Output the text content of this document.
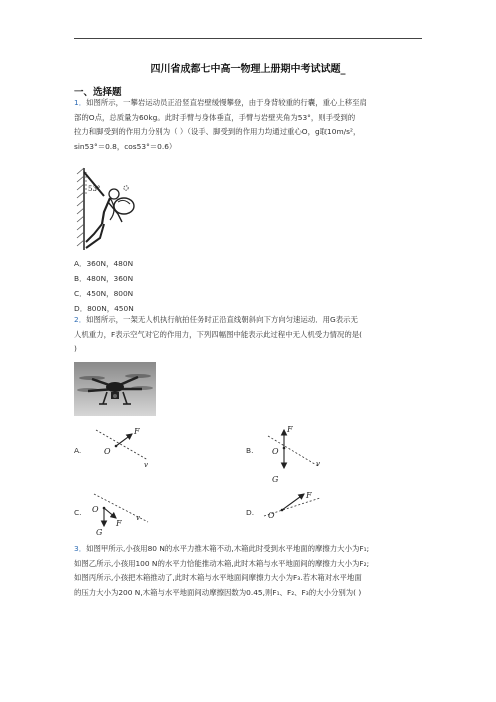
四川省成都七中高一物理上册期中考试试题_
一、选择题
1．如图所示，一攀岩运动员正沿竖直岩壁缓慢攀登，由于身背较重的行囊，重心上移至肩
部的O点，总质量为60kg。此时手臂与身体垂直，手臂与岩壁夹角为53°，则手受到的
拉力和脚受到的作用力分别为（ ）（设手、脚受到的作用力均通过重心O，g取10m/s²，
sin53°＝0.8，cos53°＝0.6）
53°
A．360N，480N
B．480N，360N
C．450N，800N
D．800N，450N
2．如图所示，一架无人机执行航拍任务时正沿直线朝斜向下方向匀速运动．用G表示无
人机重力，F表示空气对它的作用力，下列四幅图中能表示此过程中无人机受力情况的是(
)
A.	O
F
v
B. O
F
G
v
C. O
F
G
v
D. O
F
3．如图甲所示,小孩用80 N的水平力推木箱不动,木箱此时受到水平地面的摩擦力大小为F₁;
如图乙所示,小孩用100 N的水平力恰能推动木箱,此时木箱与水平地面间的摩擦力大小为F₂;
如图丙所示,小孩把木箱推动了,此时木箱与水平地面间摩擦力大小为F₃.若木箱对水平地面
的压力大小为200 N,木箱与水平地面间动摩擦因数为0.45,则F₁、F₂、F₃的大小分别为( )
